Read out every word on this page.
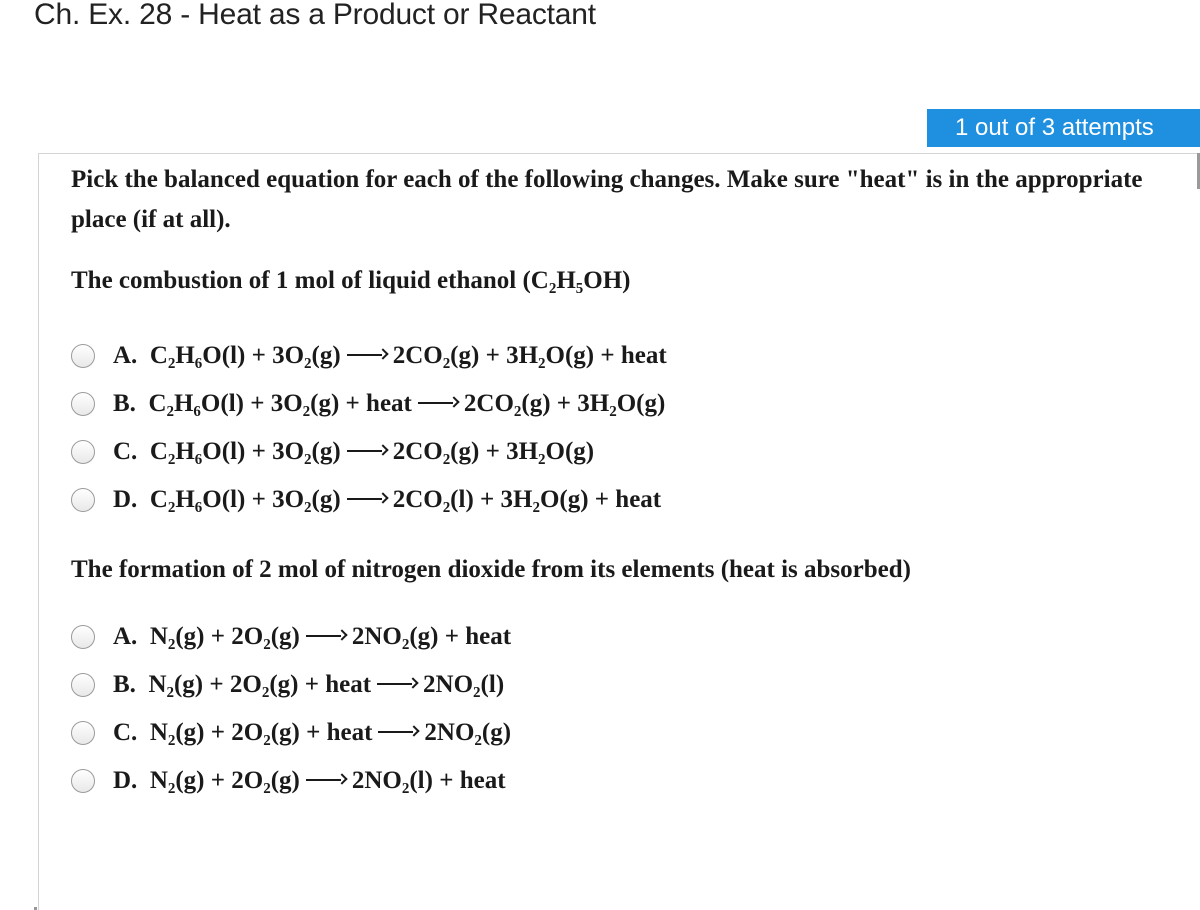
Ch. Ex. 28 - Heat as a Product or Reactant
1 out of 3 attempts
Pick the balanced equation for each of the following changes. Make sure "heat" is in the appropriate place (if at all).
The combustion of 1 mol of liquid ethanol (C₂H₅OH)
A. C₂H₆O(l) + 3O₂(g) 2CO₂(g) + 3H₂O(g) + heat
B. C₂H₆O(l) + 3O₂(g) + heat 2CO₂(g) + 3H₂O(g)
C. C₂H₆O(l) + 3O₂(g) 2CO₂(g) + 3H₂O(g)
D. C₂H₆O(l) + 3O₂(g) 2CO₂(l) + 3H₂O(g) + heat
The formation of 2 mol of nitrogen dioxide from its elements (heat is absorbed)
A. N₂(g) + 2O₂(g) 2NO₂(g) + heat
B. N₂(g) + 2O₂(g) + heat 2NO₂(l)
C. N₂(g) + 2O₂(g) + heat 2NO₂(g)
D. N₂(g) + 2O₂(g) 2NO₂(l) + heat
